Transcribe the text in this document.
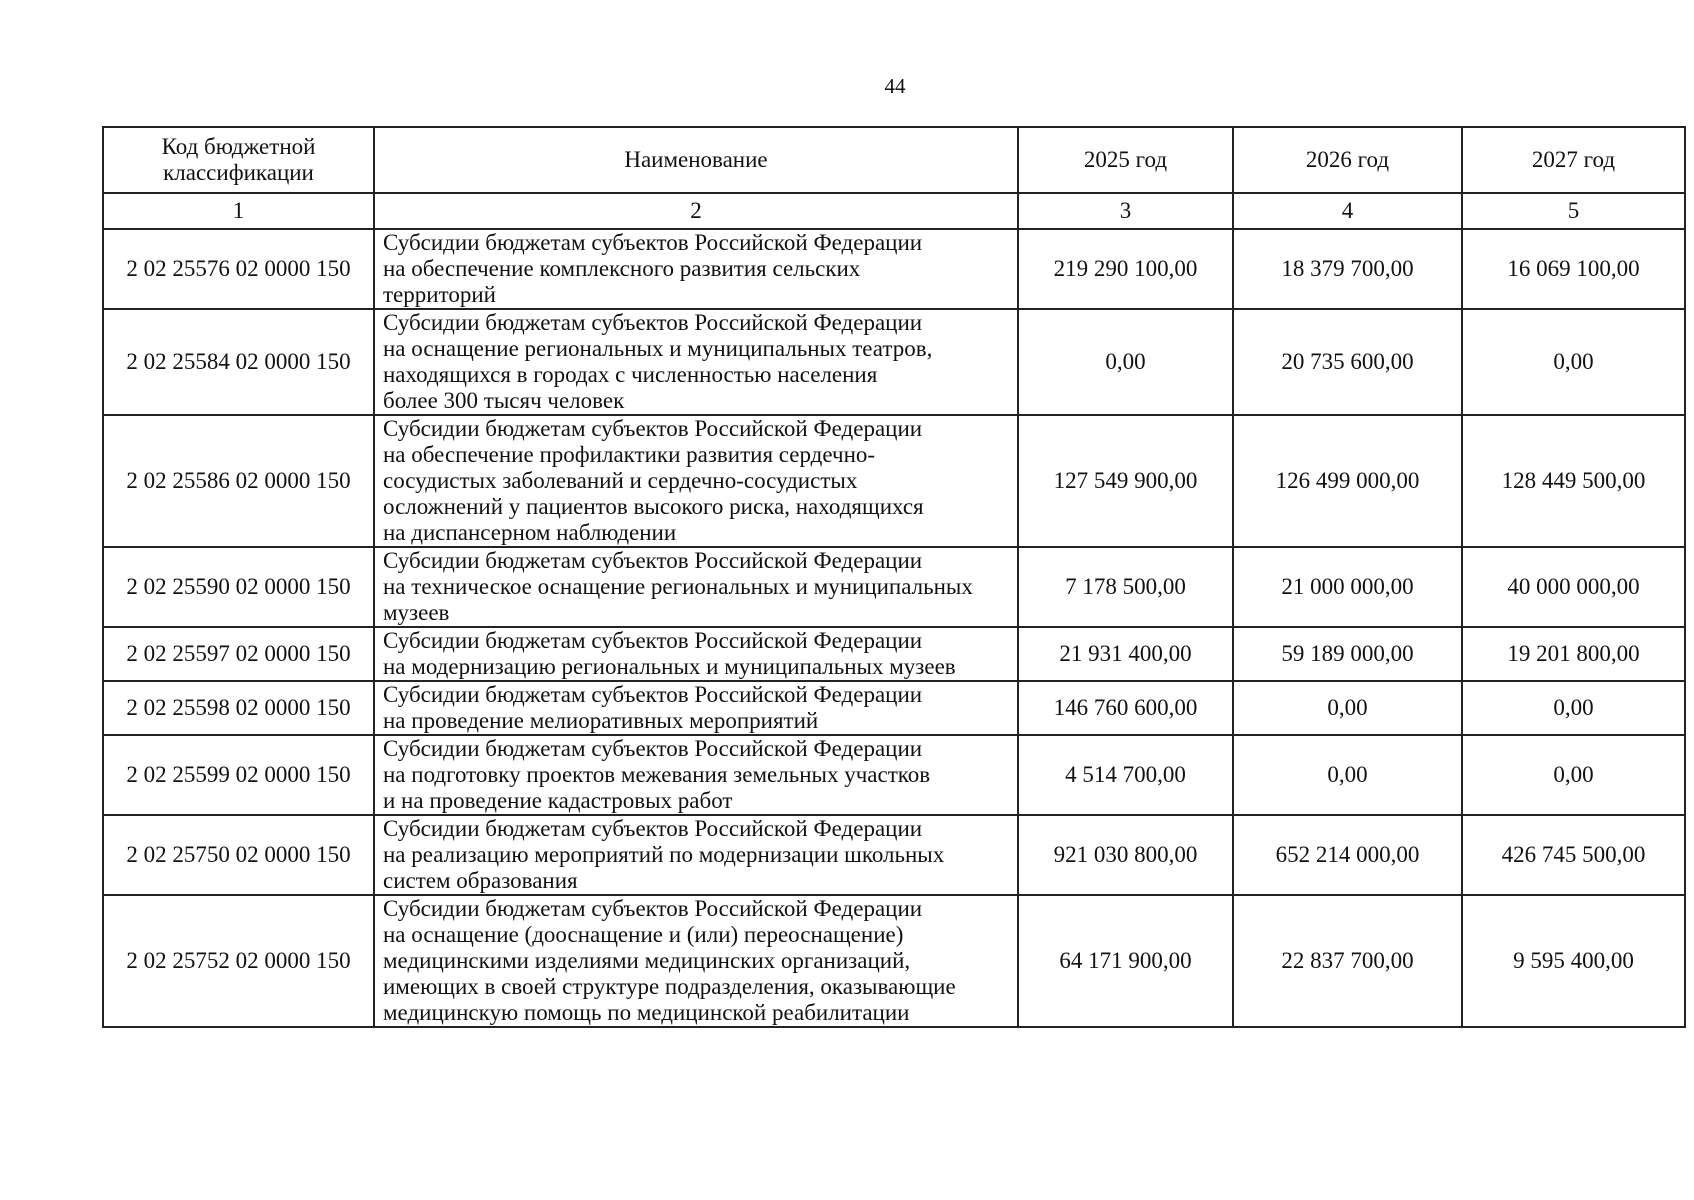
44
Код бюджетной классификации	Наименование	2025 год	2026 год	2027 год
1	2	3	4	5
2 02 25576 02 0000 150	Субсидии бюджетам субъектов Российской Федерации
на обеспечение комплексного развития сельских
территорий	219 290 100,00	18 379 700,00	16 069 100,00
2 02 25584 02 0000 150	Субсидии бюджетам субъектов Российской Федерации
на оснащение региональных и муниципальных театров,
находящихся в городах с численностью населения
более 300 тысяч человек	0,00	20 735 600,00	0,00
2 02 25586 02 0000 150	Субсидии бюджетам субъектов Российской Федерации
на обеспечение профилактики развития сердечно-
сосудистых заболеваний и сердечно-сосудистых
осложнений у пациентов высокого риска, находящихся
на диспансерном наблюдении	127 549 900,00	126 499 000,00	128 449 500,00
2 02 25590 02 0000 150	Субсидии бюджетам субъектов Российской Федерации
на техническое оснащение региональных и муниципальных
музеев	7 178 500,00	21 000 000,00	40 000 000,00
2 02 25597 02 0000 150	Субсидии бюджетам субъектов Российской Федерации
на модернизацию региональных и муниципальных музеев	21 931 400,00	59 189 000,00	19 201 800,00
2 02 25598 02 0000 150	Субсидии бюджетам субъектов Российской Федерации
на проведение мелиоративных мероприятий	146 760 600,00	0,00	0,00
2 02 25599 02 0000 150	Субсидии бюджетам субъектов Российской Федерации
на подготовку проектов межевания земельных участков
и на проведение кадастровых работ	4 514 700,00	0,00	0,00
2 02 25750 02 0000 150	Субсидии бюджетам субъектов Российской Федерации
на реализацию мероприятий по модернизации школьных
систем образования	921 030 800,00	652 214 000,00	426 745 500,00
2 02 25752 02 0000 150	Субсидии бюджетам субъектов Российской Федерации
на оснащение (дооснащение и (или) переоснащение)
медицинскими изделиями медицинских организаций,
имеющих в своей структуре подразделения, оказывающие
медицинскую помощь по медицинской реабилитации	64 171 900,00	22 837 700,00	9 595 400,00
